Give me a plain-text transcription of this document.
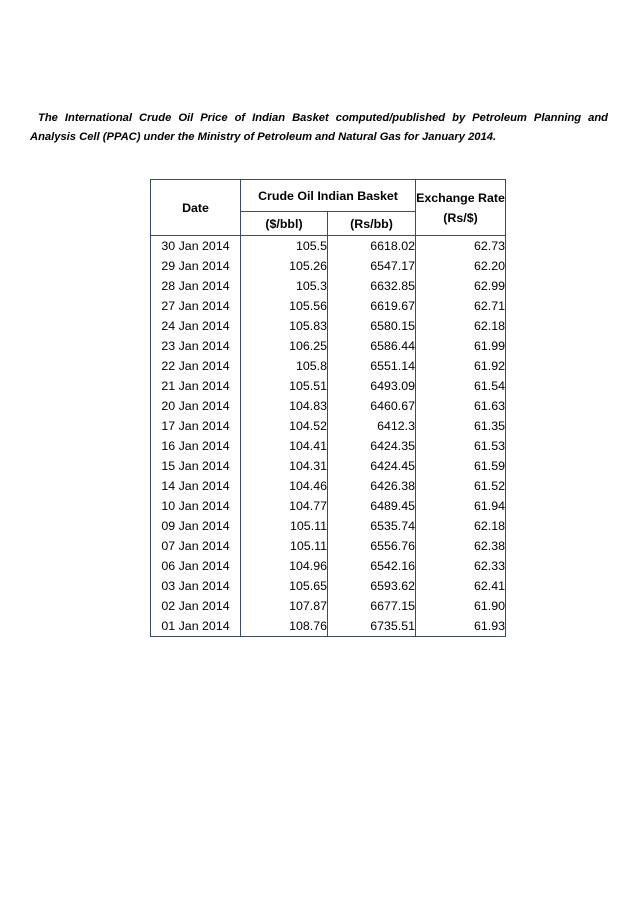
The International Crude Oil Price of Indian Basket computed/published by Petroleum Planning and Analysis Cell (PPAC) under the Ministry of Petroleum and Natural Gas for January 2014.

Date	Crude Oil Indian Basket		Exchange Rate (Rs/$)
	($/bbl)	(Rs/bb)	
30 Jan 2014	105.5	6618.02	62.73
29 Jan 2014	105.26	6547.17	62.20
28 Jan 2014	105.3	6632.85	62.99
27 Jan 2014	105.56	6619.67	62.71
24 Jan 2014	105.83	6580.15	62.18
23 Jan 2014	106.25	6586.44	61.99
22 Jan 2014	105.8	6551.14	61.92
21 Jan 2014	105.51	6493.09	61.54
20 Jan 2014	104.83	6460.67	61.63
17 Jan 2014	104.52	6412.3	61.35
16 Jan 2014	104.41	6424.35	61.53
15 Jan 2014	104.31	6424.45	61.59
14 Jan 2014	104.46	6426.38	61.52
10 Jan 2014	104.77	6489.45	61.94
09 Jan 2014	105.11	6535.74	62.18
07 Jan 2014	105.11	6556.76	62.38
06 Jan 2014	104.96	6542.16	62.33
03 Jan 2014	105.65	6593.62	62.41
02 Jan 2014	107.87	6677.15	61.90
01 Jan 2014	108.76	6735.51	61.93
